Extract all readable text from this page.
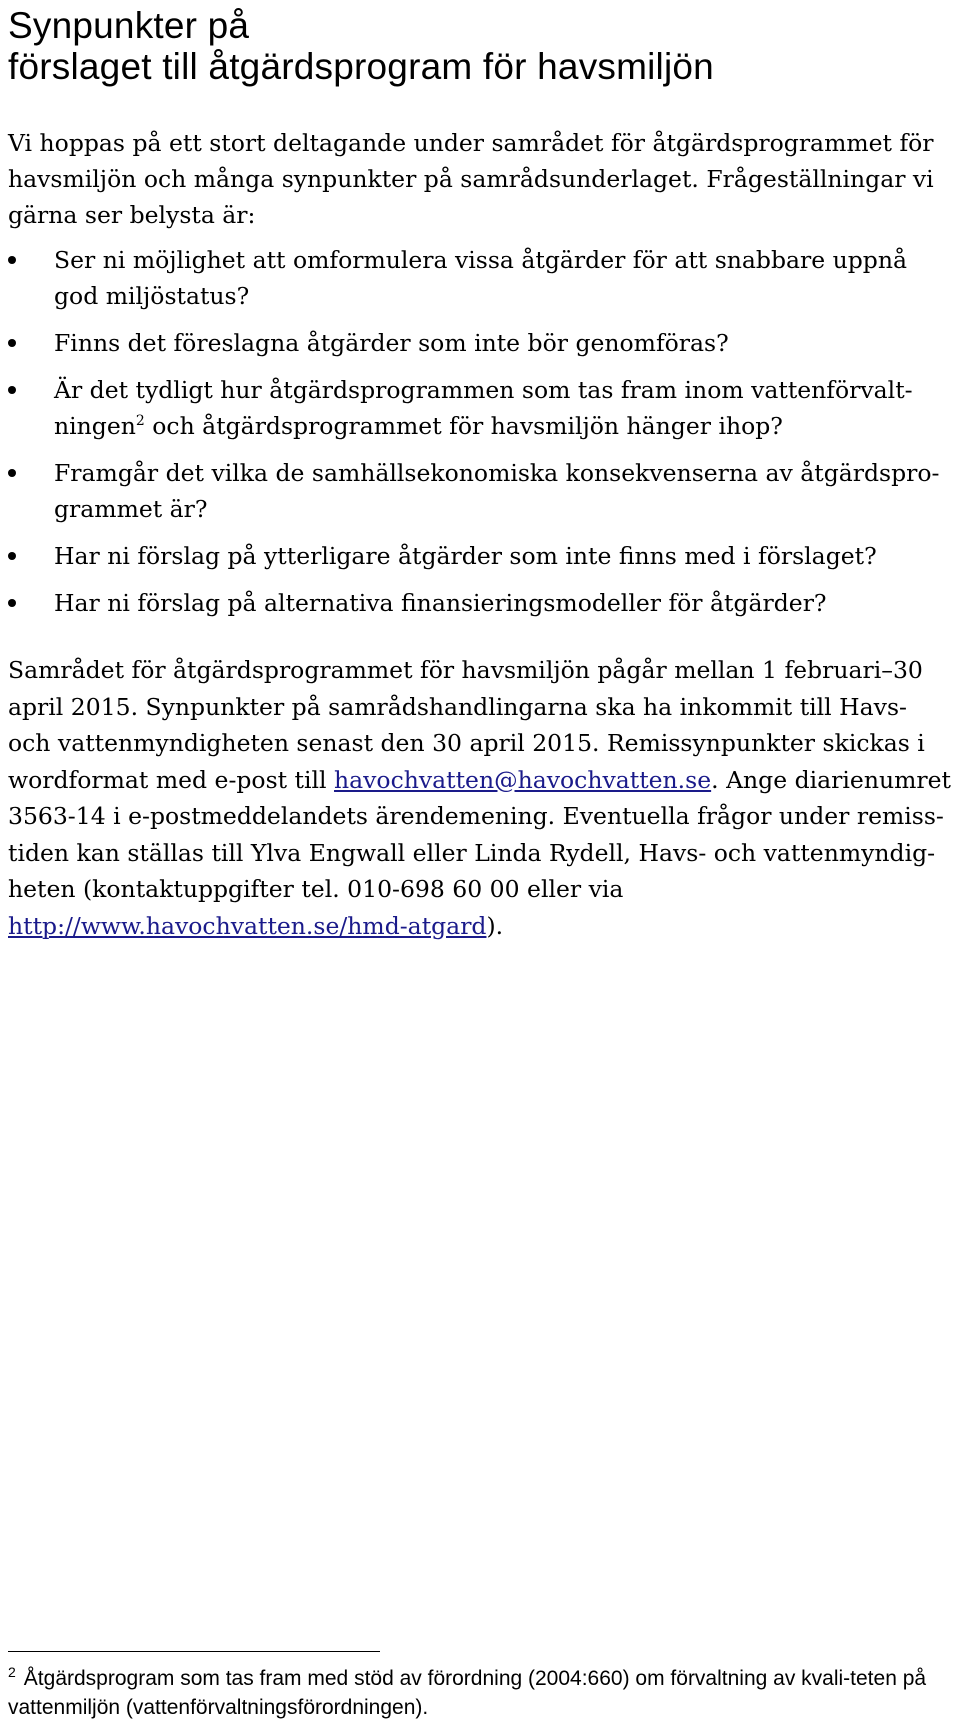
Synpunkter på
förslaget till åtgärdsprogram för havsmiljön

Vi hoppas på ett stort deltagande under samrådet för åtgärdsprogrammet för havsmiljön och många synpunkter på samrådsunderlaget. Frågeställningar vi gärna ser belysta är:

Ser ni möjlighet att omformulera vissa åtgärder för att snabbare uppnå god miljöstatus?
Finns det föreslagna åtgärder som inte bör genomföras?
Är det tydligt hur åtgärdsprogrammen som tas fram inom vattenförvalt-ningen$^2$ och åtgärdsprogrammet för havsmiljön hänger ihop?
Framgår det vilka de samhällsekonomiska konsekvenserna av åtgärdspro-grammet är?
Har ni förslag på ytterligare åtgärder som inte finns med i förslaget?
Har ni förslag på alternativa finansieringsmodeller för åtgärder?

Samrådet för åtgärdsprogrammet för havsmiljön pågår mellan 1 februari–30 april 2015. Synpunkter på samrådshandlingarna ska ha inkommit till Havs- och vattenmyndigheten senast den 30 april 2015. Remissynpunkter skickas i wordformat med e-post till havochvatten@havochvatten.se. Ange diarienumret 3563-14 i e-postmeddelandets ärendemening. Eventuella frågor under remiss-tiden kan ställas till Ylva Engwall eller Linda Rydell, Havs- och vattenmyndig-heten (kontaktuppgifter tel. 010-698 60 00 eller via http://www.havochvatten.se/hmd-atgard).

$^2$ Åtgärdsprogram som tas fram med stöd av förordning (2004:660) om förvaltning av kvali-teten på vattenmiljön (vattenförvaltningsförordningen).
